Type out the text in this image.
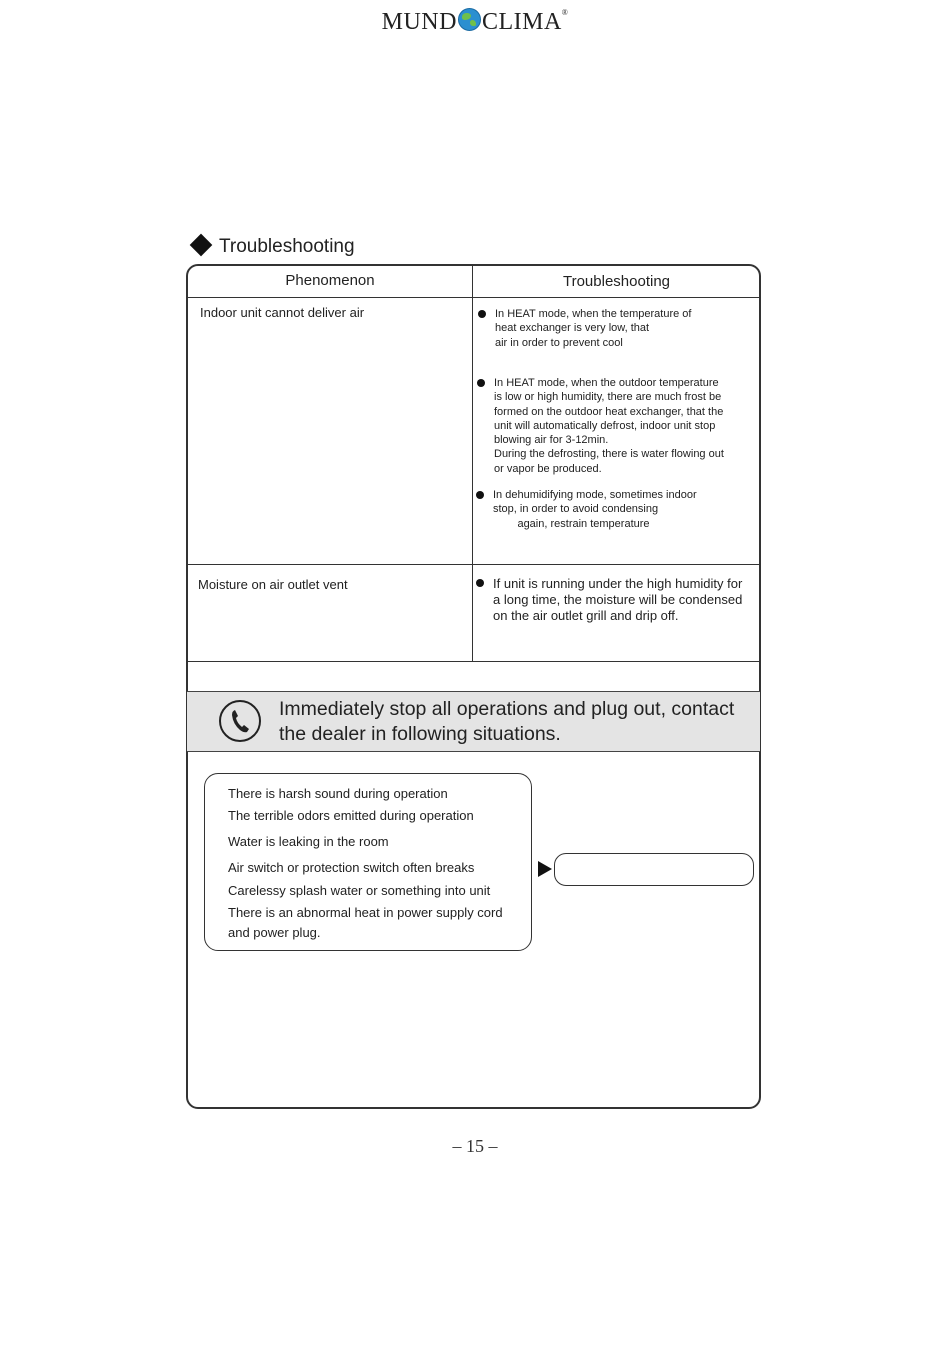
MUND CLIMA®
Troubleshooting
Phenomenon	Troubleshooting
Indoor unit cannot deliver air	In HEAT mode, when the temperature of
heat exchanger is very low, that
air in order to prevent cool
In HEAT mode, when the outdoor temperature
is low or high humidity, there are much frost be
formed on the outdoor heat exchanger, that the
unit will automatically defrost, indoor unit stop
blowing air for 3-12min.
During the defrosting, there is water flowing out
or vapor be produced.
In dehumidifying mode, sometimes indoor
stop, in order to avoid condensing
again, restrain temperature
Moisture on air outlet vent	If unit is running under the high humidity for
a long time, the moisture will be condensed
on the air outlet grill and drip off.
Immediately stop all operations and plug out, contact the dealer in following situations.
There is harsh sound during operation
The terrible odors emitted during operation
Water is leaking in the room
Air switch or protection switch often breaks
Carelessy splash water or something into unit
There is an abnormal heat in power supply cord
and power plug.
– 15 –
